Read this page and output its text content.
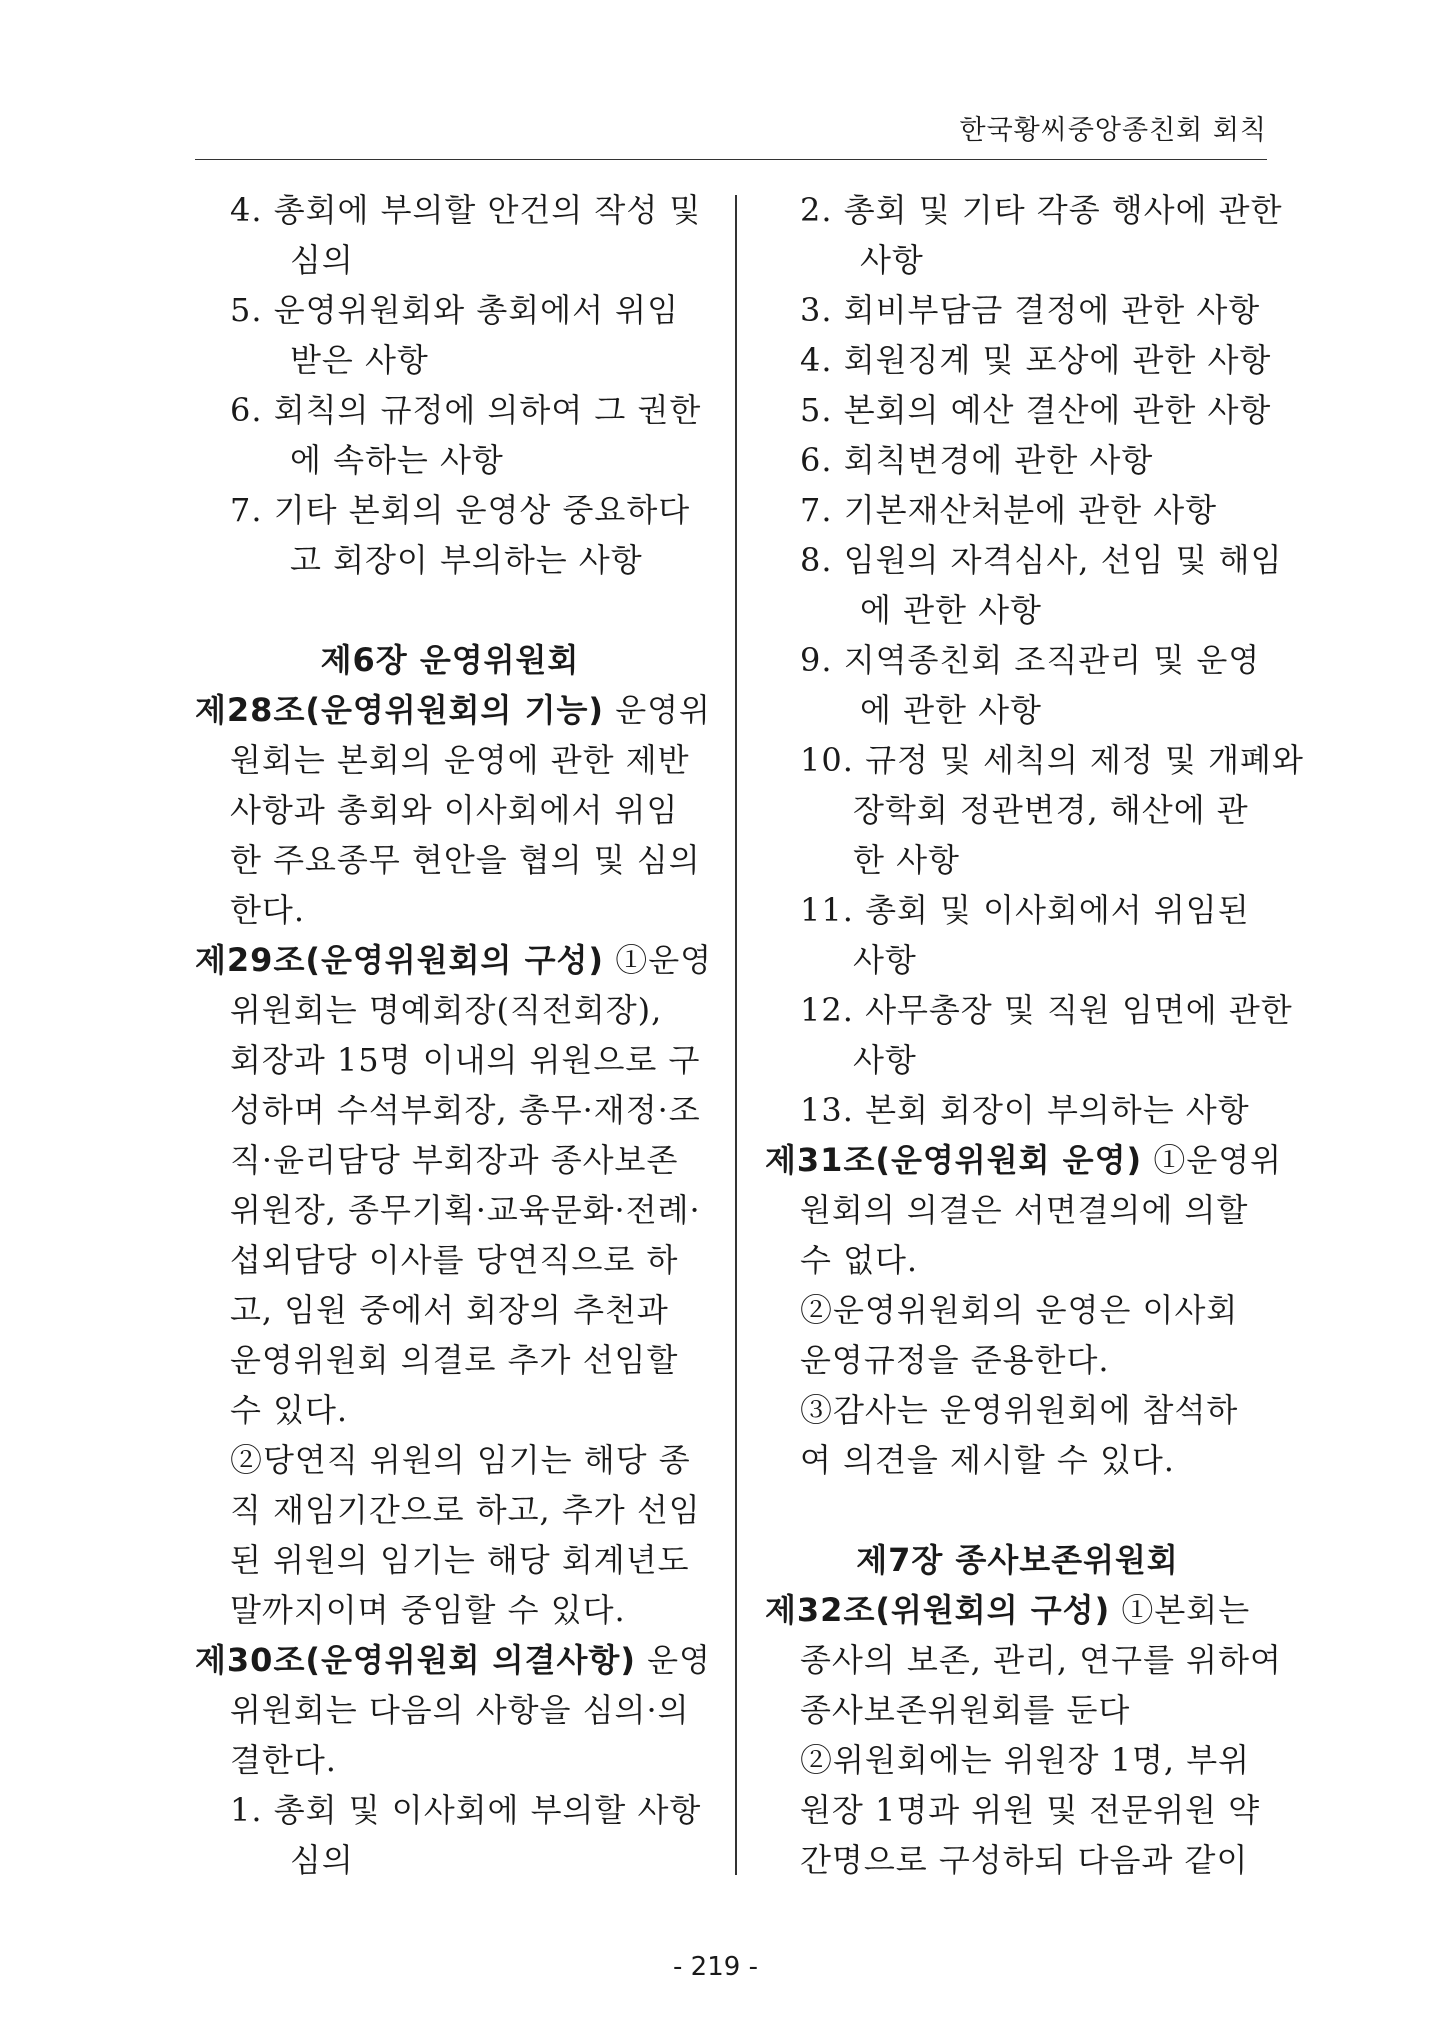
한국황씨중앙종친회 회칙
4. 총회에 부의할 안건의 작성 및
심의
5. 운영위원회와 총회에서 위임
받은 사항
6. 회칙의 규정에 의하여 그 권한
에 속하는 사항
7. 기타 본회의 운영상 중요하다
고 회장이 부의하는 사항
제6장 운영위원회
제28조(운영위원회의 기능) 운영위
원회는 본회의 운영에 관한 제반
사항과 총회와 이사회에서 위임
한 주요종무 현안을 협의 및 심의
한다.
제29조(운영위원회의 구성) ①운영
위원회는 명예회장(직전회장),
회장과 15명 이내의 위원으로 구
성하며 수석부회장, 총무·재정·조
직·윤리담당 부회장과 종사보존
위원장, 종무기획·교육문화·전례·
섭외담당 이사를 당연직으로 하
고, 임원 중에서 회장의 추천과
운영위원회 의결로 추가 선임할
수 있다.
②당연직 위원의 임기는 해당 종
직 재임기간으로 하고, 추가 선임
된 위원의 임기는 해당 회계년도
말까지이며 중임할 수 있다.
제30조(운영위원회 의결사항) 운영
위원회는 다음의 사항을 심의·의
결한다.
1. 총회 및 이사회에 부의할 사항
심의
2. 총회 및 기타 각종 행사에 관한
사항
3. 회비부담금 결정에 관한 사항
4. 회원징계 및 포상에 관한 사항
5. 본회의 예산 결산에 관한 사항
6. 회칙변경에 관한 사항
7. 기본재산처분에 관한 사항
8. 임원의 자격심사, 선임 및 해임
에 관한 사항
9. 지역종친회 조직관리 및 운영
에 관한 사항
10. 규정 및 세칙의 제정 및 개폐와
장학회 정관변경, 해산에 관
한 사항
11. 총회 및 이사회에서 위임된
사항
12. 사무총장 및 직원 임면에 관한
사항
13. 본회 회장이 부의하는 사항
제31조(운영위원회 운영) ①운영위
원회의 의결은 서면결의에 의할
수 없다.
②운영위원회의 운영은 이사회
운영규정을 준용한다.
③감사는 운영위원회에 참석하
여 의견을 제시할 수 있다.
제7장 종사보존위원회
제32조(위원회의 구성) ①본회는
종사의 보존, 관리, 연구를 위하여
종사보존위원회를 둔다
②위원회에는 위원장 1명, 부위
원장 1명과 위원 및 전문위원 약
간명으로 구성하되 다음과 같이
- 219 -
